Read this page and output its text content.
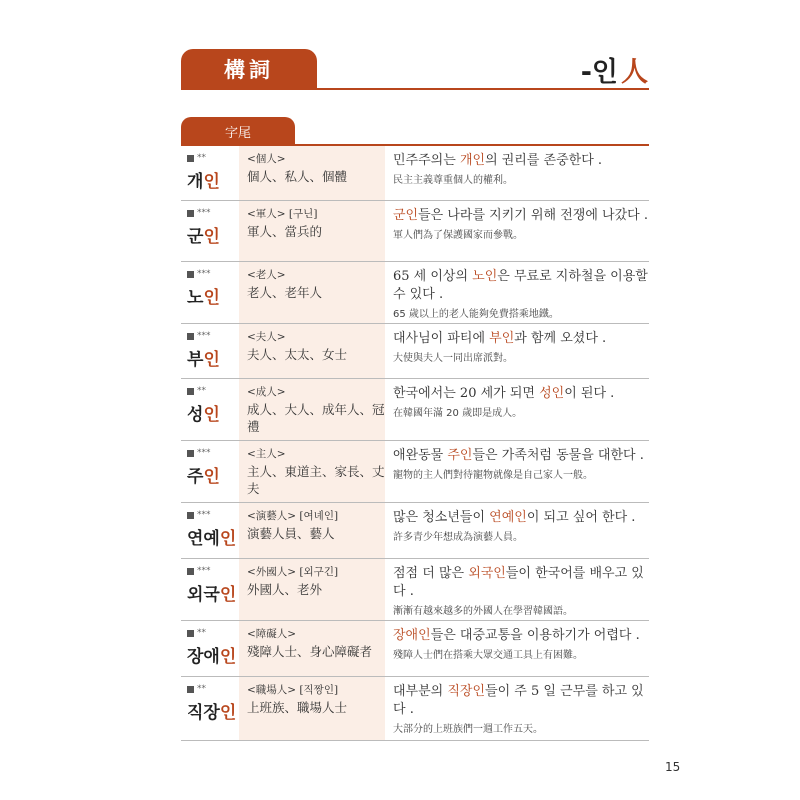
構詞	-인 人
字尾
**
개인
<個人>
個人、私人、個體
민주주의는 개인의 권리를 존중한다 .
民主主義尊重個人的權利。
***
군인
<軍人> [구닌]
軍人、當兵的
군인들은 나라를 지키기 위해 전쟁에 나갔다 .
軍人們為了保護國家而參戰。
***
노인
<老人>
老人、老年人
65 세 이상의 노인은 무료로 지하철을 이용할 수 있다 .
65 歲以上的老人能夠免費搭乘地鐵。
***
부인
<夫人>
夫人、太太、女士
대사님이 파티에 부인과 함께 오셨다 .
大使與夫人一同出席派對。
**
성인
<成人>
成人、大人、成年人、冠禮
한국에서는 20 세가 되면 성인이 된다 .
在韓國年滿 20 歲即是成人。
***
주인
<主人>
主人、東道主、家長、丈夫
애완동물 주인들은 가족처럼 동물을 대한다 .
寵物的主人們對待寵物就像是自己家人一般。
***
연예인
<演藝人> [여녜인]
演藝人員、藝人
많은 청소년들이 연예인이 되고 싶어 한다 .
許多青少年想成為演藝人員。
***
외국인
<外國人> [외구긴]
外國人、老外
점점 더 많은 외국인들이 한국어를 배우고 있다 .
漸漸有越來越多的外國人在學習韓國語。
**
장애인
<障礙人>
殘障人士、身心障礙者
장애인들은 대중교통을 이용하기가 어렵다 .
殘障人士們在搭乘大眾交通工具上有困難。
**
직장인
<職場人> [직짱인]
上班族、職場人士
대부분의 직장인들이 주 5 일 근무를 하고 있다 .
大部分的上班族們一週工作五天。
15
